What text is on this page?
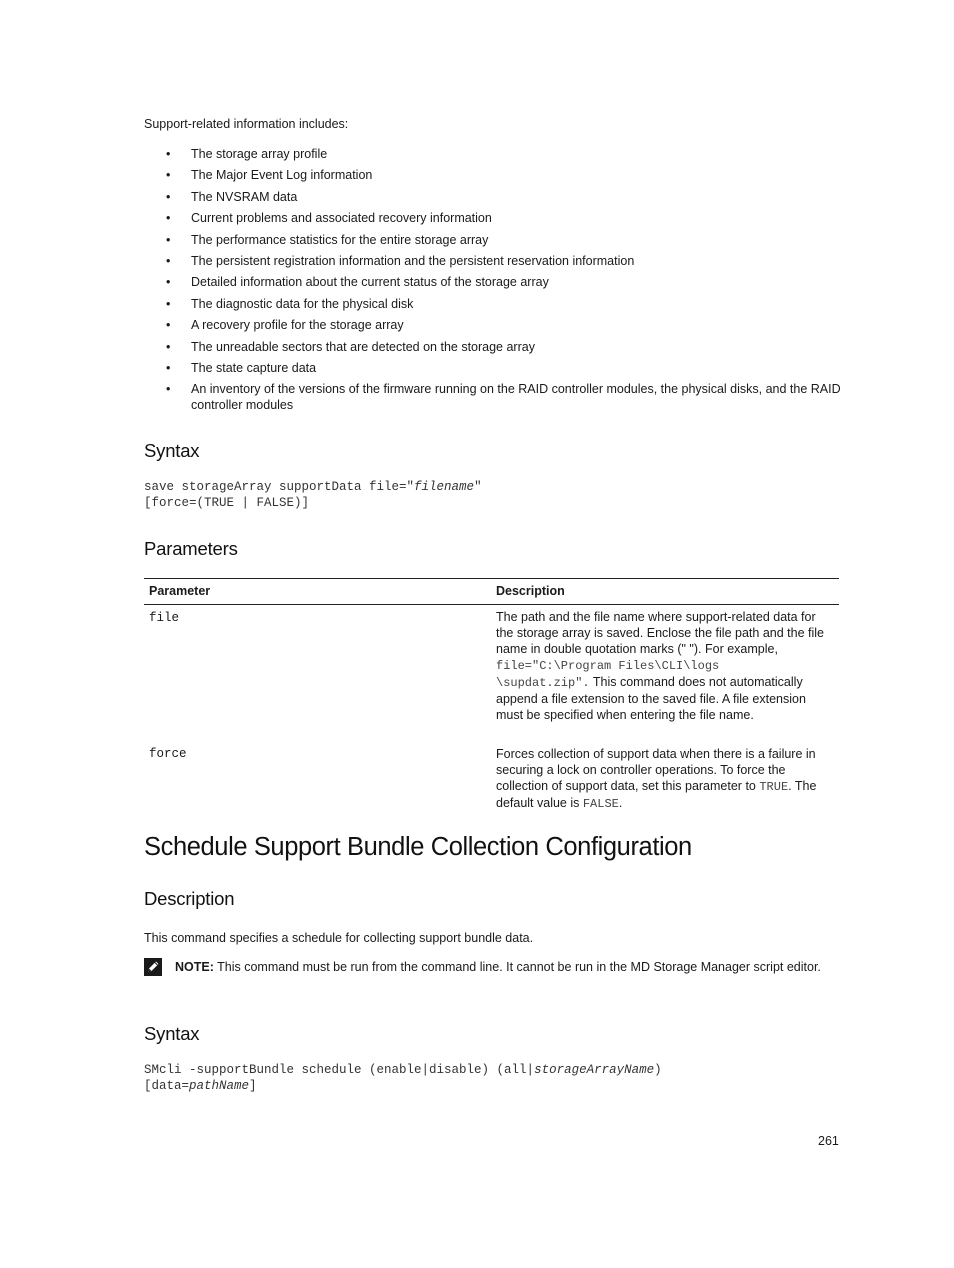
Support-related information includes:
• The storage array profile
• The Major Event Log information
• The NVSRAM data
• Current problems and associated recovery information
• The performance statistics for the entire storage array
• The persistent registration information and the persistent reservation information
• Detailed information about the current status of the storage array
• The diagnostic data for the physical disk
• A recovery profile for the storage array
• The unreadable sectors that are detected on the storage array
• The state capture data
• An inventory of the versions of the firmware running on the RAID controller modules, the physical disks, and the RAID controller modules
Syntax
save storageArray supportData file="filename"
[force=(TRUE | FALSE)]
Parameters
Parameter	Description
file	The path and the file name where support-related data for the storage array is saved. Enclose the file path and the file name in double quotation marks (" "). For example, file="C:\Program Files\CLI\logs
\supdat.zip". This command does not automatically append a file extension to the saved file. A file extension must be specified when entering the file name.
force	Forces collection of support data when there is a failure in securing a lock on controller operations. To force the collection of support data, set this parameter to TRUE. The default value is FALSE.
Schedule Support Bundle Collection Configuration
Description
This command specifies a schedule for collecting support bundle data.
NOTE: This command must be run from the command line. It cannot be run in the MD Storage Manager script editor.
Syntax
SMcli -supportBundle schedule (enable|disable) (all|storageArrayName)
[data=pathName]
261
